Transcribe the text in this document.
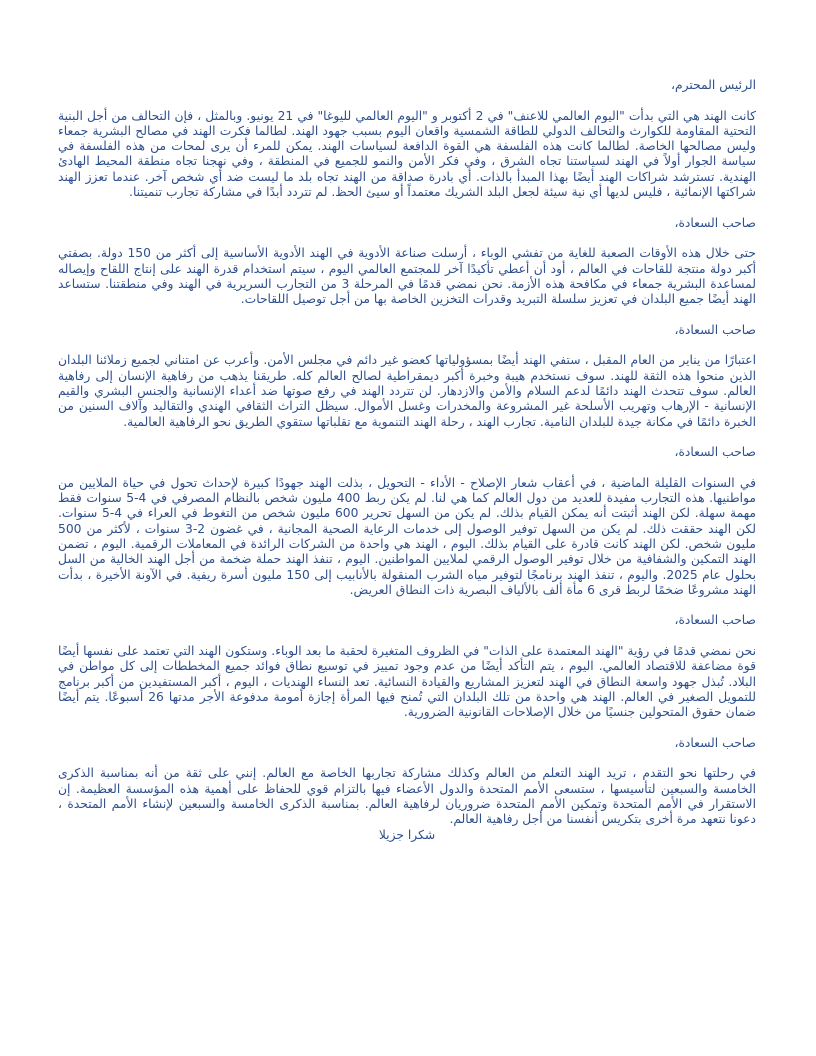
الرئيس المحترم،

كانت الهند هي التي بدأت "اليوم العالمي للاعنف" في 2 أكتوبر و "اليوم العالمي لليوغا" في 21 يونيو. وبالمثل ، فإن التحالف من أجل البنية التحتية المقاومة للكوارث والتحالف الدولي للطاقة الشمسية واقعان اليوم بسبب جهود الهند. لطالما فكرت الهند في مصالح البشرية جمعاء وليس مصالحها الخاصة. لطالما كانت هذه الفلسفة هي القوة الدافعة لسياسات الهند. يمكن للمرء أن يرى لمحات من هذه الفلسفة في سياسة الجوار أولاً في الهند لسياستنا تجاه الشرق ، وفي فكر الأمن والنمو للجميع في المنطقة ، وفي نهجنا تجاه منطقة المحيط الهادئ الهندية. تسترشد شراكات الهند أيضًا بهذا المبدأ بالذات. أي بادرة صداقة من الهند تجاه بلد ما ليست ضد أي شخص آخر. عندما تعزز الهند شراكتها الإنمائية ، فليس لديها أي نية سيئة لجعل البلد الشريك معتمداً أو سيئ الحظ. لم تتردد أبدًا في مشاركة تجارب تنميتنا.

صاحب السعادة،

حتى خلال هذه الأوقات الصعبة للغاية من تفشي الوباء ، أرسلت صناعة الأدوية في الهند الأدوية الأساسية إلى أكثر من 150 دولة. بصفتي أكبر دولة منتجة للقاحات في العالم ، أود أن أعطي تأكيدًا آخر للمجتمع العالمي اليوم ، سيتم استخدام قدرة الهند على إنتاج اللقاح وإيصاله لمساعدة البشرية جمعاء في مكافحة هذه الأزمة. نحن نمضي قدمًا في المرحلة 3 من التجارب السريرية في الهند وفي منطقتنا. ستساعد الهند أيضًا جميع البلدان في تعزيز سلسلة التبريد وقدرات التخزين الخاصة بها من أجل توصيل اللقاحات.

صاحب السعادة،

اعتبارًا من يناير من العام المقبل ، ستفي الهند أيضًا بمسؤولياتها كعضو غير دائم في مجلس الأمن. وأعرب عن امتناني لجميع زملائنا البلدان الذين منحوا هذه الثقة للهند. سوف نستخدم هيبة وخبرة أكبر ديمقراطية لصالح العالم كله. طريقنا يذهب من رفاهية الإنسان إلى رفاهية العالم. سوف تتحدث الهند دائمًا لدعم السلام والأمن والازدهار. لن تتردد الهند في رفع صوتها ضد أعداء الإنسانية والجنس البشري والقيم الإنسانية - الإرهاب وتهريب الأسلحة غير المشروعة والمخدرات وغسل الأموال. سيظل التراث الثقافي الهندي والتقاليد وآلاف السنين من الخبرة دائمًا في مكانة جيدة للبلدان النامية. تجارب الهند ، رحلة الهند التنموية مع تقلباتها ستقوي الطريق نحو الرفاهية العالمية.

صاحب السعادة،

في السنوات القليلة الماضية ، في أعقاب شعار الإصلاح - الأداء - التحويل ، بذلت الهند جهودًا كبيرة لإحداث تحول في حياة الملايين من مواطنيها. هذه التجارب مفيدة للعديد من دول العالم كما هي لنا. لم يكن ربط 400 مليون شخص بالنظام المصرفي في 4-5 سنوات فقط مهمة سهلة. لكن الهند أثبتت أنه يمكن القيام بذلك. لم يكن من السهل تحرير 600 مليون شخص من التغوط في العراء في 4-5 سنوات. لكن الهند حققت ذلك. لم يكن من السهل توفير الوصول إلى خدمات الرعاية الصحية المجانية ، في غضون 2-3 سنوات ، لأكثر من 500 مليون شخص. لكن الهند كانت قادرة على القيام بذلك. اليوم ، الهند هي واحدة من الشركات الرائدة في المعاملات الرقمية. اليوم ، تضمن الهند التمكين والشفافية من خلال توفير الوصول الرقمي لملايين المواطنين. اليوم ، تنفذ الهند حملة ضخمة من أجل الهند الخالية من السل بحلول عام 2025. واليوم ، تنفذ الهند برنامجًا لتوفير مياه الشرب المنقولة بالأنابيب إلى 150 مليون أسرة ريفية. في الآونة الأخيرة ، بدأت الهند مشروعًا ضخمًا لربط قرى 6 مأة ألف بالألياف البصرية ذات النطاق العريض.

صاحب السعادة،

نحن نمضي قدمًا في رؤية "الهند المعتمدة على الذات" في الظروف المتغيرة لحقبة ما بعد الوباء. وستكون الهند التي تعتمد على نفسها أيضًا قوة مضاعفة للاقتصاد العالمي. اليوم ، يتم التأكد أيضًا من عدم وجود تمييز في توسيع نطاق فوائد جميع المخططات إلى كل مواطن في البلاد. تُبذل جهود واسعة النطاق في الهند لتعزيز المشاريع والقيادة النسائية. تعد النساء الهنديات ، اليوم ، أكبر المستفيدين من أكبر برنامج للتمويل الصغير في العالم. الهند هي واحدة من تلك البلدان التي تُمنح فيها المرأة إجازة أمومة مدفوعة الأجر مدتها 26 أسبوعًا. يتم أيضًا ضمان حقوق المتحولين جنسيًا من خلال الإصلاحات القانونية الضرورية.

صاحب السعادة،

في رحلتها نحو التقدم ، تريد الهند التعلم من العالم وكذلك مشاركة تجاربها الخاصة مع العالم. إنني على ثقة من أنه بمناسبة الذكرى الخامسة والسبعين لتأسيسها ، ستسعى الأمم المتحدة والدول الأعضاء فيها بالتزام قوي للحفاظ على أهمية هذه المؤسسة العظيمة. إن الاستقرار في الأمم المتحدة وتمكين الأمم المتحدة ضروريان لرفاهية العالم. بمناسبة الذكرى الخامسة والسبعين لإنشاء الأمم المتحدة ، دعونا نتعهد مرة أخرى بتكريس أنفسنا من أجل رفاهية العالم.

شكرا جزيلا
